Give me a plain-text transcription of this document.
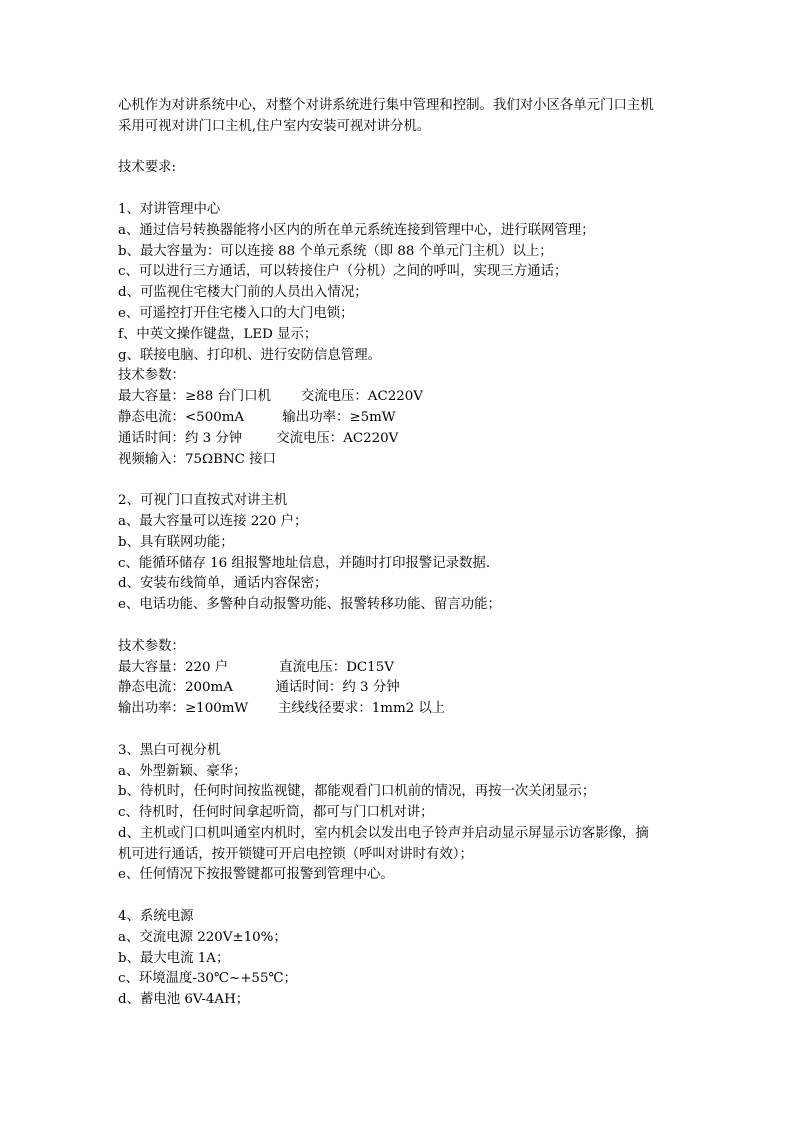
心机作为对讲系统中心，对整个对讲系统进行集中管理和控制。我们对小区各单元门口主机
采用可视对讲门口主机,住户室内安装可视对讲分机。
技术要求:
1、对讲管理中心
a、通过信号转换器能将小区内的所在单元系统连接到管理中心，进行联网管理；
b、最大容量为：可以连接 88 个单元系统（即 88 个单元门主机）以上；
c、可以进行三方通话，可以转接住户（分机）之间的呼叫，实现三方通话；
d、可监视住宅楼大门前的人员出入情况；
e、可遥控打开住宅楼入口的大门电锁；
f、中英文操作键盘，LED 显示；
g、联接电脑、打印机、进行安防信息管理。
技术参数：
最大容量：≥88 台门口机       交流电压：AC220V
静态电流：<500mA         输出功率：≥5mW
通话时间：约 3 分钟        交流电压：AC220V
视频输入：75ΩBNC 接口
2、可视门口直按式对讲主机
a、最大容量可以连接 220 户；
b、具有联网功能；
c、能循环储存 16 组报警地址信息，并随时打印报警记录数据.
d、安装布线简单，通话内容保密；
e、电话功能、多警种自动报警功能、报警转移功能、留言功能；
技术参数：
最大容量：220 户            直流电压：DC15V
静态电流：200mA          通话时间：约 3 分钟
输出功率：≥100mW       主线线径要求：1mm2 以上
3、黑白可视分机
a、外型新颖、豪华；
b、待机时，任何时间按监视键，都能观看门口机前的情况，再按一次关闭显示；
c、待机时，任何时间拿起听筒，都可与门口机对讲；
d、主机或门口机叫通室内机时，室内机会以发出电子铃声并启动显示屏显示访客影像，摘
机可进行通话，按开锁键可开启电控锁（呼叫对讲时有效）；
e、任何情况下按报警键都可报警到管理中心。
4、系统电源
a、交流电源 220V±10%；
b、最大电流 1A；
c、环境温度-30℃~+55℃；
d、蓄电池 6V-4AH；
